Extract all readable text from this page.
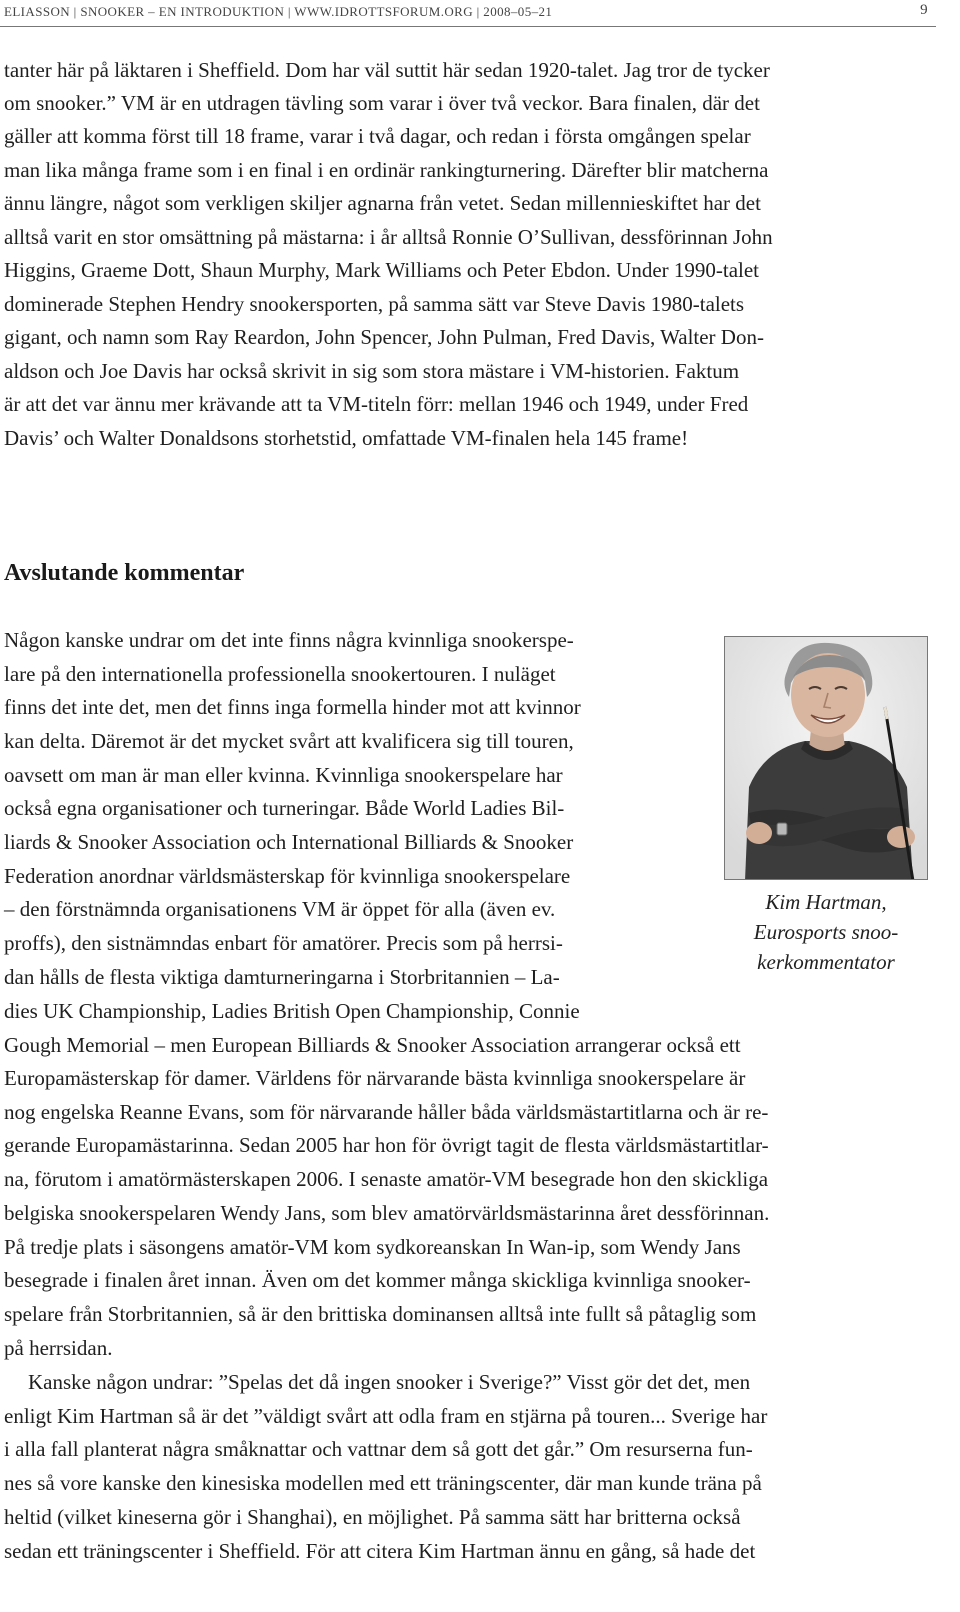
ELIASSON | SNOOKER – EN INTRODUKTION | WWW.IDROTTSFORUM.ORG | 2008–05–21	9
tanter här på läktaren i Sheffield. Dom har väl suttit här sedan 1920-talet. Jag tror de tycker
om snooker.” VM är en utdragen tävling som varar i över två veckor. Bara finalen, där det
gäller att komma först till 18 frame, varar i två dagar, och redan i första omgången spelar
man lika många frame som i en final i en ordinär rankingturnering. Därefter blir matcherna
ännu längre, något som verkligen skiljer agnarna från vetet. Sedan millennieskiftet har det
alltså varit en stor omsättning på mästarna: i år alltså Ronnie O’Sullivan, dessförinnan John
Higgins, Graeme Dott, Shaun Murphy, Mark Williams och Peter Ebdon. Under 1990-talet
dominerade Stephen Hendry snookersporten, på samma sätt var Steve Davis 1980-talets
gigant, och namn som Ray Reardon, John Spencer, John Pulman, Fred Davis, Walter Don-
aldson och Joe Davis har också skrivit in sig som stora mästare i VM-historien. Faktum
är att det var ännu mer krävande att ta VM-titeln förr: mellan 1946 och 1949, under Fred
Davis’ och Walter Donaldsons storhetstid, omfattade VM-finalen hela 145 frame!
Avslutande kommentar
Någon kanske undrar om det inte finns några kvinnliga snookerspe-
lare på den internationella professionella snookertouren. I nuläget
finns det inte det, men det finns inga formella hinder mot att kvinnor
kan delta. Däremot är det mycket svårt att kvalificera sig till touren,
oavsett om man är man eller kvinna. Kvinnliga snookerspelare har
också egna organisationer och turneringar. Både World Ladies Bil-
liards & Snooker Association och International Billiards & Snooker
Federation anordnar världsmästerskap för kvinnliga snookerspelare
– den förstnämnda organisationens VM är öppet för alla (även ev.
proffs), den sistnämndas enbart för amatörer. Precis som på herrsi-
dan hålls de flesta viktiga damturneringarna i Storbritannien – La-
dies UK Championship, Ladies British Open Championship, Connie
Gough Memorial – men European Billiards & Snooker Association arrangerar också ett
Europamästerskap för damer. Världens för närvarande bästa kvinnliga snookerspelare är
nog engelska Reanne Evans, som för närvarande håller båda världsmästartitlarna och är re-
gerande Europamästarinna. Sedan 2005 har hon för övrigt tagit de flesta världsmästartitlar-
na, förutom i amatörmästerskapen 2006. I senaste amatör-VM besegrade hon den skickliga
belgiska snookerspelaren Wendy Jans, som blev amatörvärldsmästarinna året dessförinnan.
På tredje plats i säsongens amatör-VM kom sydkoreanskan In Wan-ip, som Wendy Jans
besegrade i finalen året innan. Även om det kommer många skickliga kvinnliga snooker-
spelare från Storbritannien, så är den brittiska dominansen alltså inte fullt så påtaglig som
på herrsidan.
Kanske någon undrar: ”Spelas det då ingen snooker i Sverige?” Visst gör det det, men
enligt Kim Hartman så är det ”väldigt svårt att odla fram en stjärna på touren... Sverige har
i alla fall planterat några småknattar och vattnar dem så gott det går.” Om resurserna fun-
nes så vore kanske den kinesiska modellen med ett träningscenter, där man kunde träna på
heltid (vilket kineserna gör i Shanghai), en möjlighet. På samma sätt har britterna också
sedan ett träningscenter i Sheffield. För att citera Kim Hartman ännu en gång, så hade det
Kim Hartman,
Eurosports snoo-
kerkommentator
